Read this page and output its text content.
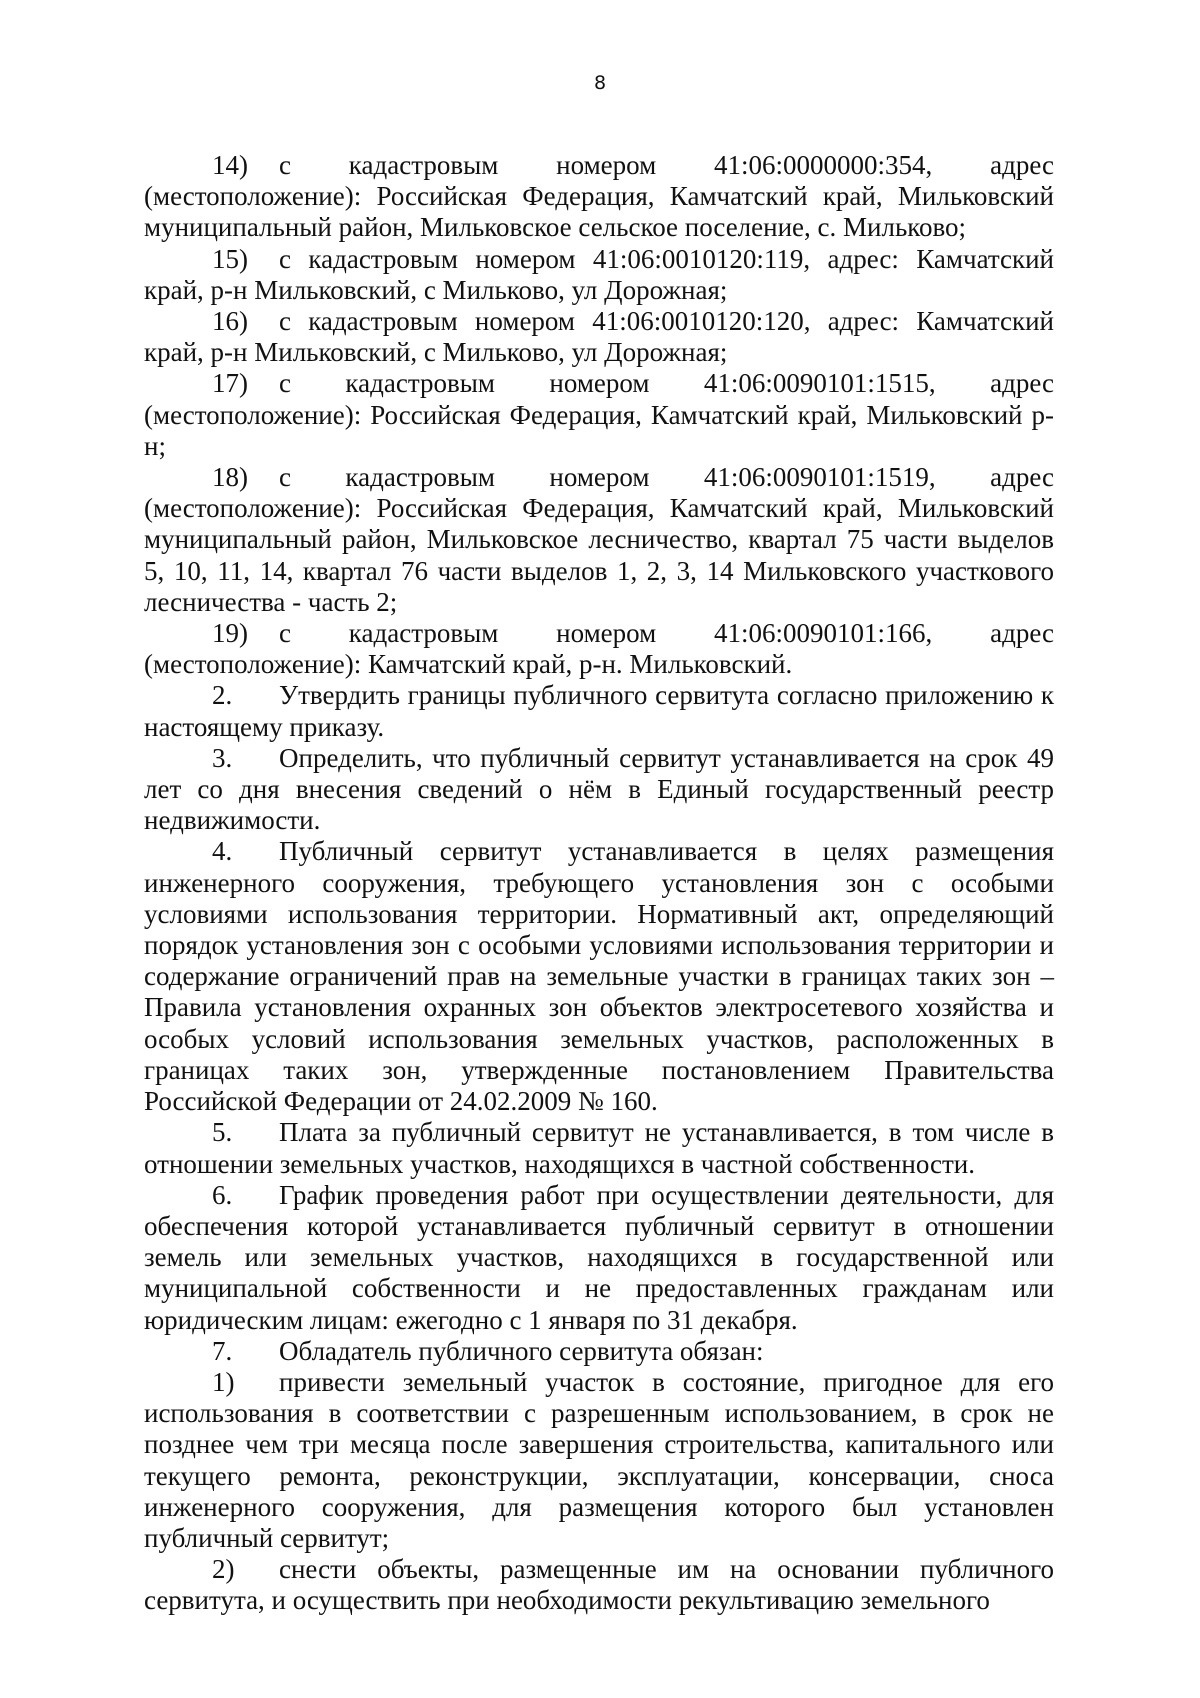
8

14) с кадастровым номером 41:06:0000000:354, адрес (местоположение): Российская Федерация, Камчатский край, Мильковский муниципальный район, Мильковское сельское поселение, с. Мильково;

15) с кадастровым номером 41:06:0010120:119, адрес: Камчатский край, р-н Мильковский, с Мильково, ул Дорожная;

16) с кадастровым номером 41:06:0010120:120, адрес: Камчатский край, р-н Мильковский, с Мильково, ул Дорожная;

17) с кадастровым номером 41:06:0090101:1515, адрес (местоположение): Российская Федерация, Камчатский край, Мильковский р-н;

18) с кадастровым номером 41:06:0090101:1519, адрес (местоположение): Российская Федерация, Камчатский край, Мильковский муниципальный район, Мильковское лесничество, квартал 75 части выделов 5, 10, 11, 14, квартал 76 части выделов 1, 2, 3, 14 Мильковского участкового лесничества - часть 2;

19) с кадастровым номером 41:06:0090101:166, адрес (местоположение): Камчатский край, р-н. Мильковский.

2. Утвердить границы публичного сервитута согласно приложению к настоящему приказу.

3. Определить, что публичный сервитут устанавливается на срок 49 лет со дня внесения сведений о нём в Единый государственный реестр недвижимости.

4. Публичный сервитут устанавливается в целях размещения инженерного сооружения, требующего установления зон с особыми условиями использования территории. Нормативный акт, определяющий порядок установления зон с особыми условиями использования территории и содержание ограничений прав на земельные участки в границах таких зон – Правила установления охранных зон объектов электросетевого хозяйства и особых условий использования земельных участков, расположенных в границах таких зон, утвержденные постановлением Правительства Российской Федерации от 24.02.2009 № 160.

5. Плата за публичный сервитут не устанавливается, в том числе в отношении земельных участков, находящихся в частной собственности.

6. График проведения работ при осуществлении деятельности, для обеспечения которой устанавливается публичный сервитут в отношении земель или земельных участков, находящихся в государственной или муниципальной собственности и не предоставленных гражданам или юридическим лицам: ежегодно с 1 января по 31 декабря.

7. Обладатель публичного сервитута обязан:

1) привести земельный участок в состояние, пригодное для его использования в соответствии с разрешенным использованием, в срок не позднее чем три месяца после завершения строительства, капитального или текущего ремонта, реконструкции, эксплуатации, консервации, сноса инженерного сооружения, для размещения которого был установлен публичный сервитут;

2) снести объекты, размещенные им на основании публичного сервитута, и осуществить при необходимости рекультивацию земельного
